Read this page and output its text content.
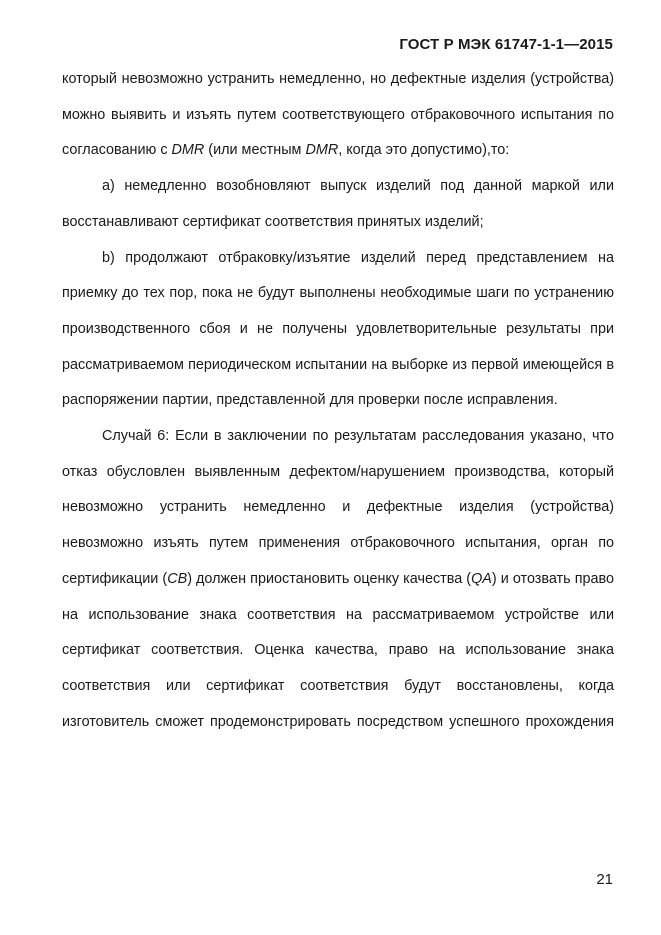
ГОСТ Р МЭК 61747-1-1—2015

который невозможно устранить немедленно, но дефектные изделия (устройства) можно выявить и изъять путем соответствующего отбраковочного испытания по согласованию с DMR (или местным DMR, когда это допустимо),то:

а) немедленно возобновляют выпуск изделий под данной маркой или восстанавливают сертификат соответствия принятых изделий;

b) продолжают отбраковку/изъятие изделий перед представлением на приемку до тех пор, пока не будут выполнены необходимые шаги по устранению производственного сбоя и не получены удовлетворительные результаты при рассматриваемом периодическом испытании на выборке из первой имеющейся в распоряжении партии, представленной для проверки после исправления.

Случай 6: Если в заключении по результатам расследования указано, что отказ обусловлен выявленным дефектом/нарушением производства, который невозможно устранить немедленно и дефектные изделия (устройства) невозможно изъять путем применения отбраковочного испытания, орган по сертификации (CB) должен приостановить оценку качества (QA) и отозвать право на использование знака соответствия на рассматриваемом устройстве или сертификат соответствия. Оценка качества, право на использование знака соответствия или сертификат соответствия будут восстановлены, когда изготовитель сможет продемонстрировать посредством успешного прохождения

21
